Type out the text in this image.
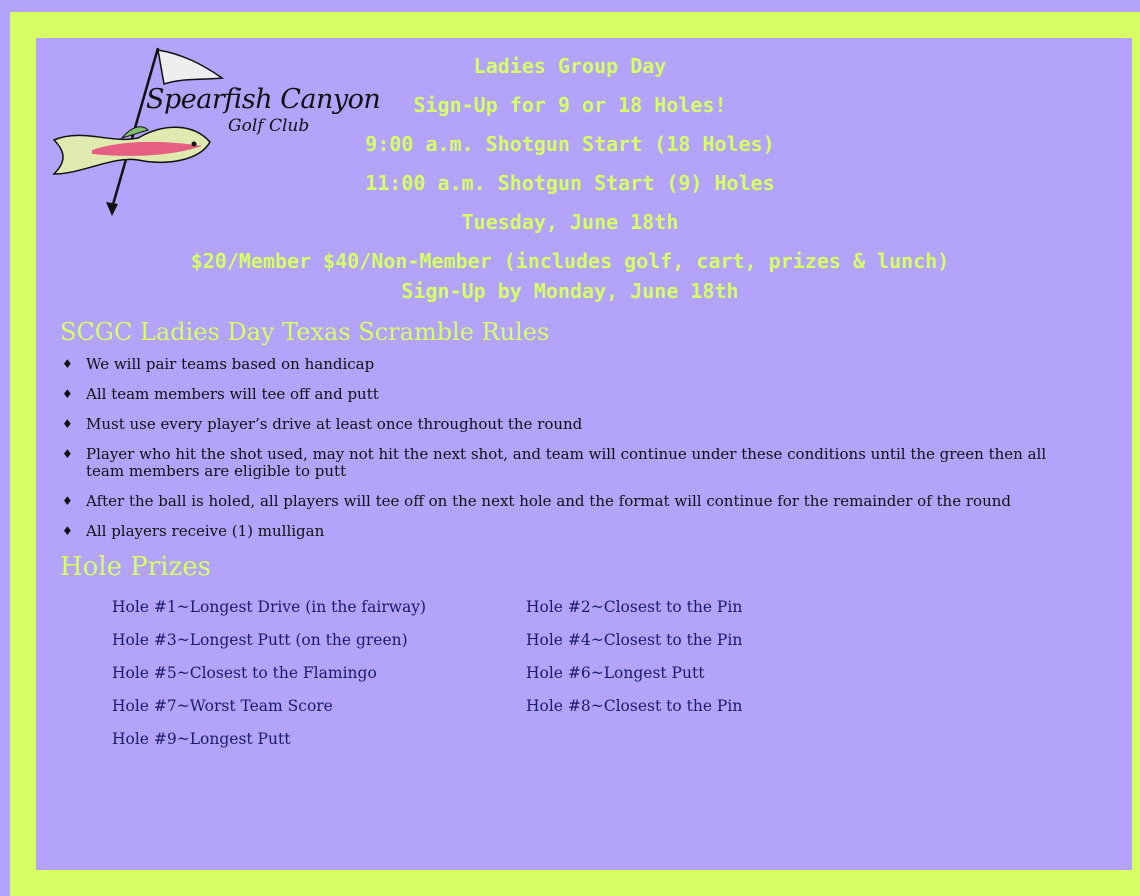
Spearfish Canyon
Golf Club
Ladies Group Day
Sign-Up for 9 or 18 Holes!
9:00 a.m. Shotgun Start (18 Holes)
11:00 a.m. Shotgun Start (9) Holes
Tuesday, June 18th
$20/Member $40/Non-Member (includes golf, cart, prizes & lunch)
Sign-Up by Monday, June 18th
SCGC Ladies Day Texas Scramble Rules
♦ We will pair teams based on handicap
♦ All team members will tee off and putt
♦ Must use every player’s drive at least once throughout the round
♦ Player who hit the shot used, may not hit the next shot, and team will continue under these conditions until the green then all team members are eligible to putt
♦ After the ball is holed, all players will tee off on the next hole and the format will continue for the remainder of the round
♦ All players receive (1) mulligan
Hole Prizes
Hole #1~Longest Drive (in the fairway)	Hole #2~Closest to the Pin
Hole #3~Longest Putt (on the green)	Hole #4~Closest to the Pin
Hole #5~Closest to the Flamingo	Hole #6~Longest Putt
Hole #7~Worst Team Score	Hole #8~Closest to the Pin
Hole #9~Longest Putt
